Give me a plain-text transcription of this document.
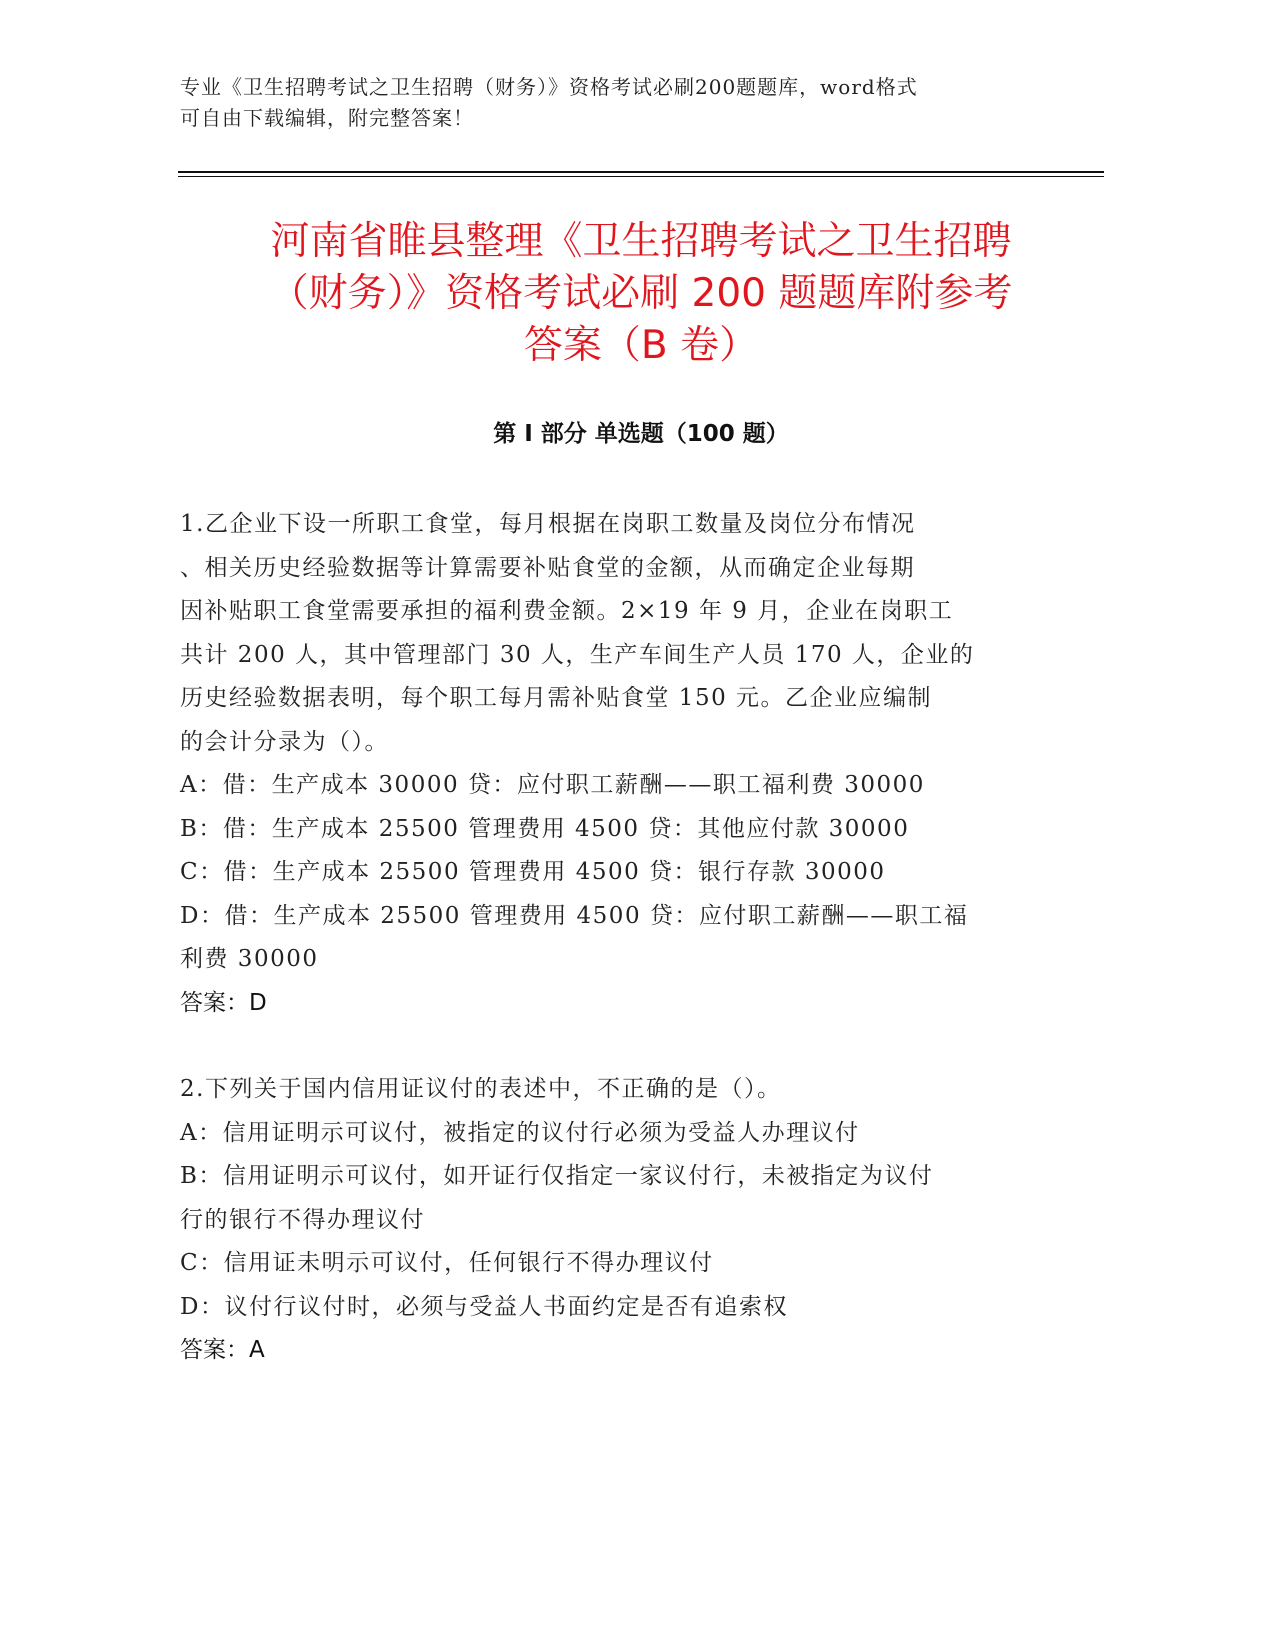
专业《卫生招聘考试之卫生招聘（财务）》资格考试必刷200题题库，word格式
可自由下载编辑，附完整答案！
河南省睢县整理《卫生招聘考试之卫生招聘
（财务）》资格考试必刷 200 题题库附参考
答案（B 卷）
第 I 部分 单选题（100 题）

1.乙企业下设一所职工食堂，每月根据在岗职工数量及岗位分布情况

、相关历史经验数据等计算需要补贴食堂的金额，从而确定企业每期

因补贴职工食堂需要承担的福利费金额。2×19 年 9 月，企业在岗职工

共计 200 人，其中管理部门 30 人，生产车间生产人员 170 人，企业的

历史经验数据表明，每个职工每月需补贴食堂 150 元。乙企业应编制

的会计分录为（）。

A：借：生产成本 30000 贷：应付职工薪酬——职工福利费 30000

B：借：生产成本 25500 管理费用 4500 贷：其他应付款 30000

C：借：生产成本 25500 管理费用 4500 贷：银行存款 30000

D：借：生产成本 25500 管理费用 4500 贷：应付职工薪酬——职工福

利费 30000

答案：D

2.下列关于国内信用证议付的表述中，不正确的是（）。

A：信用证明示可议付，被指定的议付行必须为受益人办理议付

B：信用证明示可议付，如开证行仅指定一家议付行，未被指定为议付

行的银行不得办理议付

C：信用证未明示可议付，任何银行不得办理议付

D：议付行议付时，必须与受益人书面约定是否有追索权

答案：A
